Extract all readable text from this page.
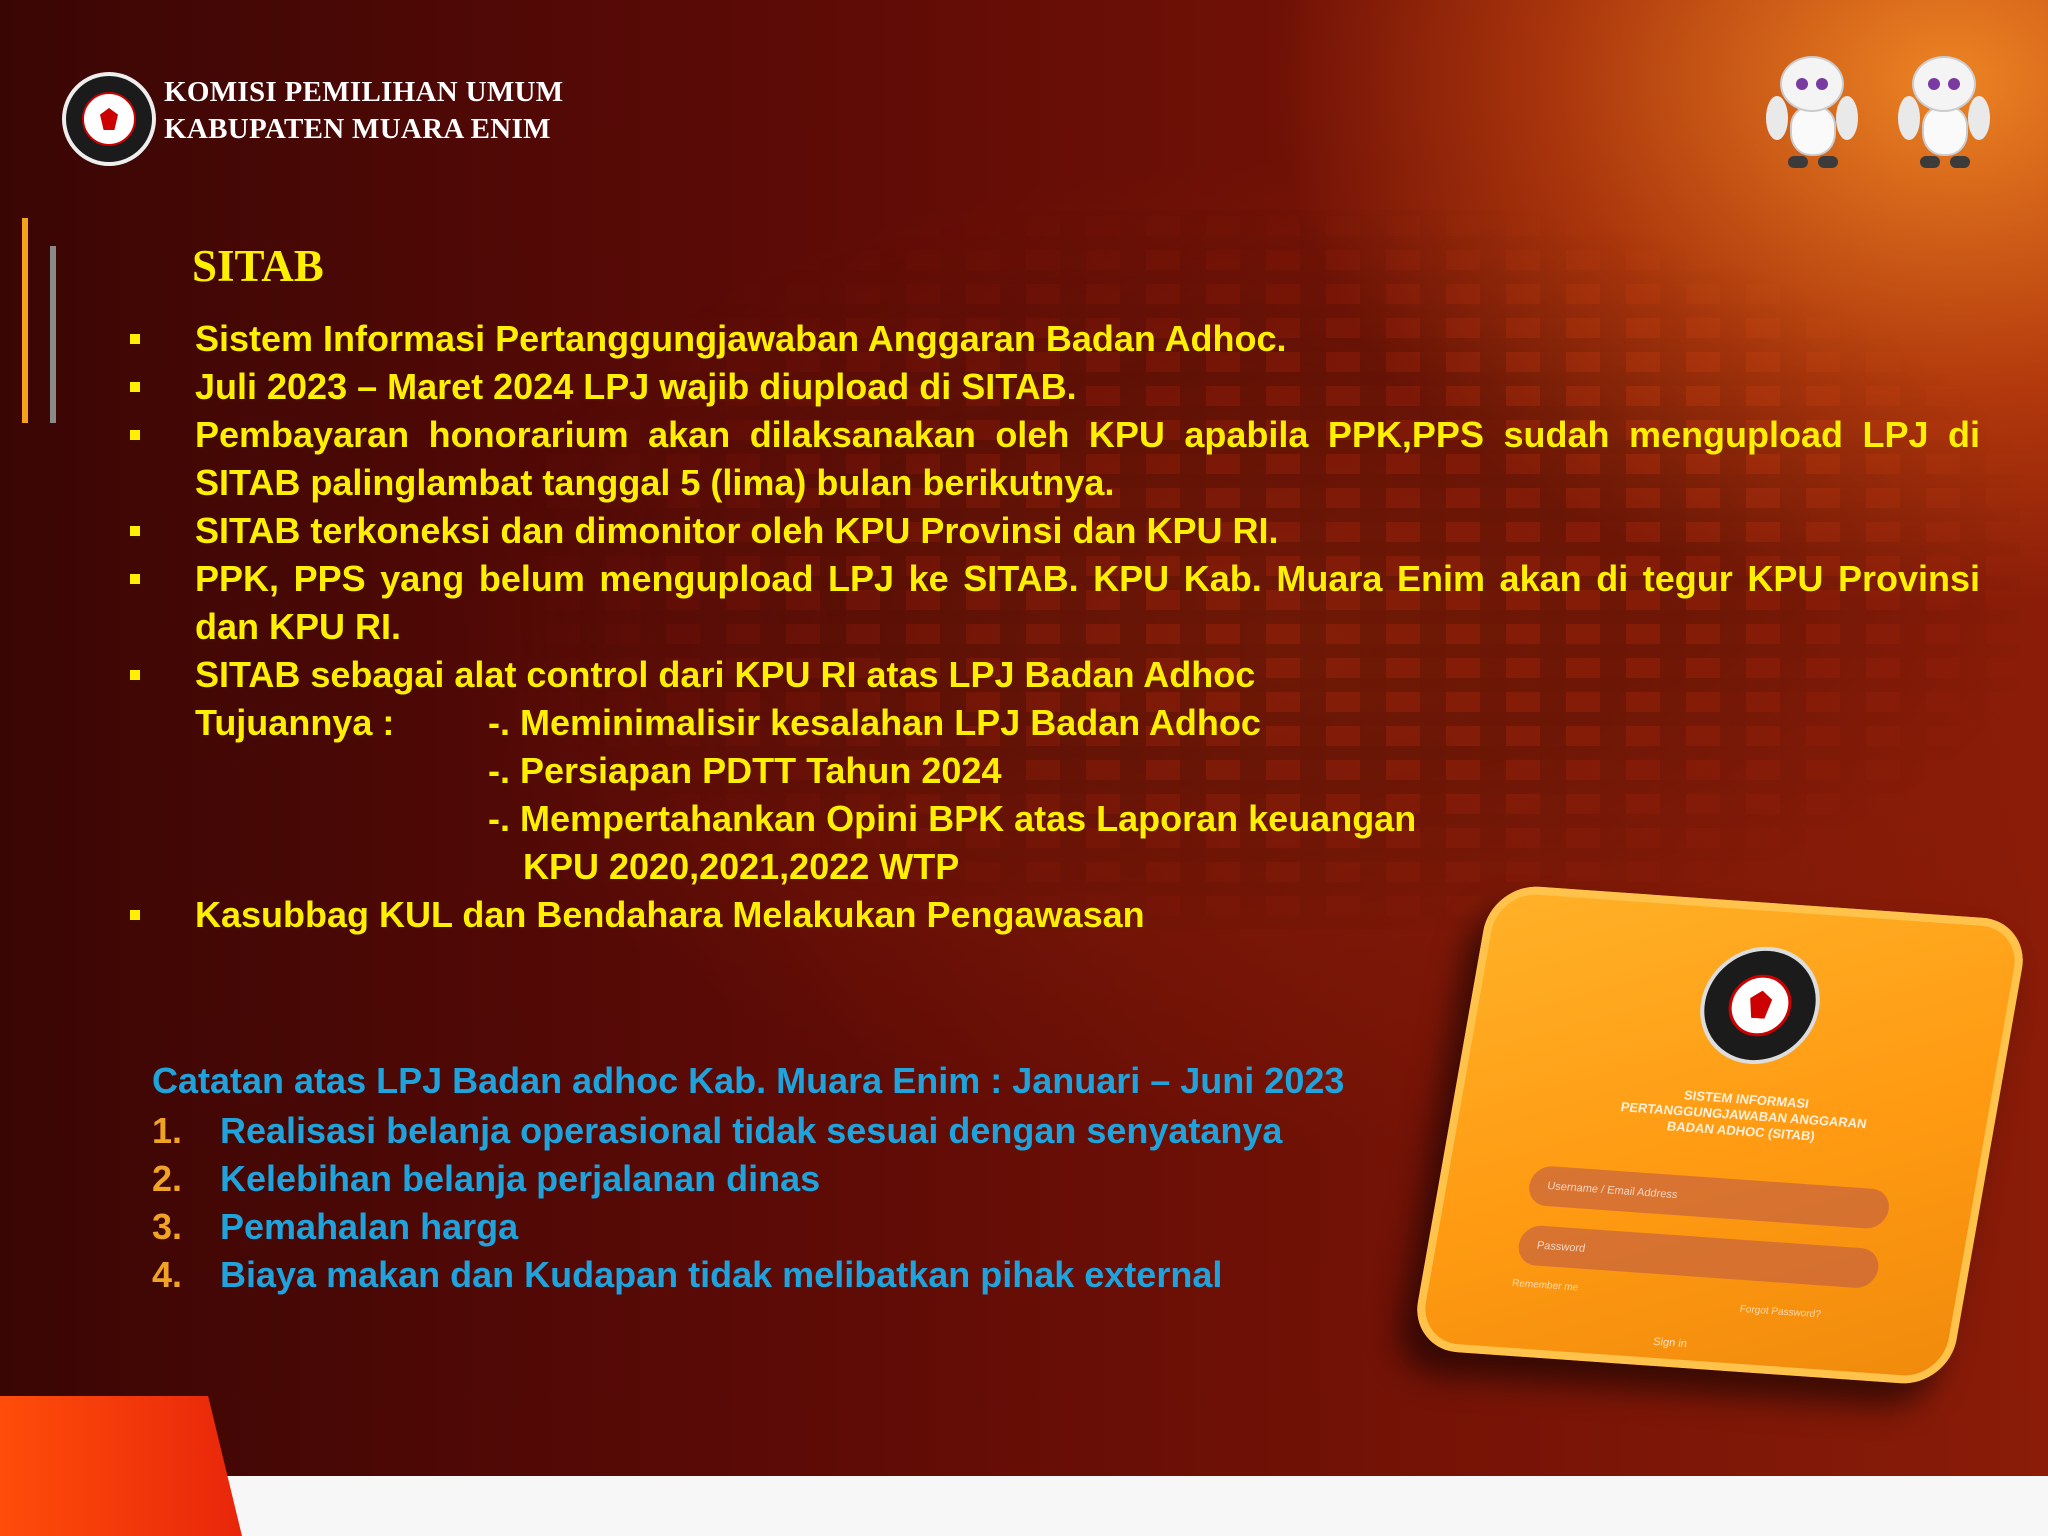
KOMISI PEMILIHAN UMUM
KABUPATEN MUARA ENIM
SITAB
Sistem Informasi Pertanggungjawaban Anggaran Badan Adhoc.
Juli 2023 – Maret 2024 LPJ wajib diupload di SITAB.
Pembayaran honorarium akan dilaksanakan oleh KPU apabila PPK,PPS sudah mengupload LPJ di SITAB palinglambat tanggal 5 (lima) bulan berikutnya.
SITAB terkoneksi dan dimonitor oleh KPU Provinsi dan KPU RI.
PPK, PPS yang belum mengupload LPJ ke SITAB. KPU Kab. Muara Enim akan di tegur KPU Provinsi dan KPU RI.
SITAB sebagai alat control dari KPU RI atas LPJ Badan Adhoc
Tujuannya :	-. Meminimalisir kesalahan LPJ Badan Adhoc
-. Persiapan PDTT Tahun 2024
-. Mempertahankan Opini BPK atas Laporan keuangan
KPU 2020,2021,2022 WTP
Kasubbag KUL dan Bendahara Melakukan Pengawasan
Catatan atas LPJ Badan adhoc Kab. Muara Enim : Januari – Juni 2023
1. Realisasi belanja operasional tidak sesuai dengan senyatanya
2. Kelebihan belanja perjalanan dinas
3. Pemahalan harga
4. Biaya makan dan Kudapan tidak melibatkan pihak external
SISTEM INFORMASI
PERTANGGUNGJAWABAN ANGGARAN
BADAN ADHOC (SITAB)
Username / Email Address
Password
Remember me
Forgot Password?
Sign in
